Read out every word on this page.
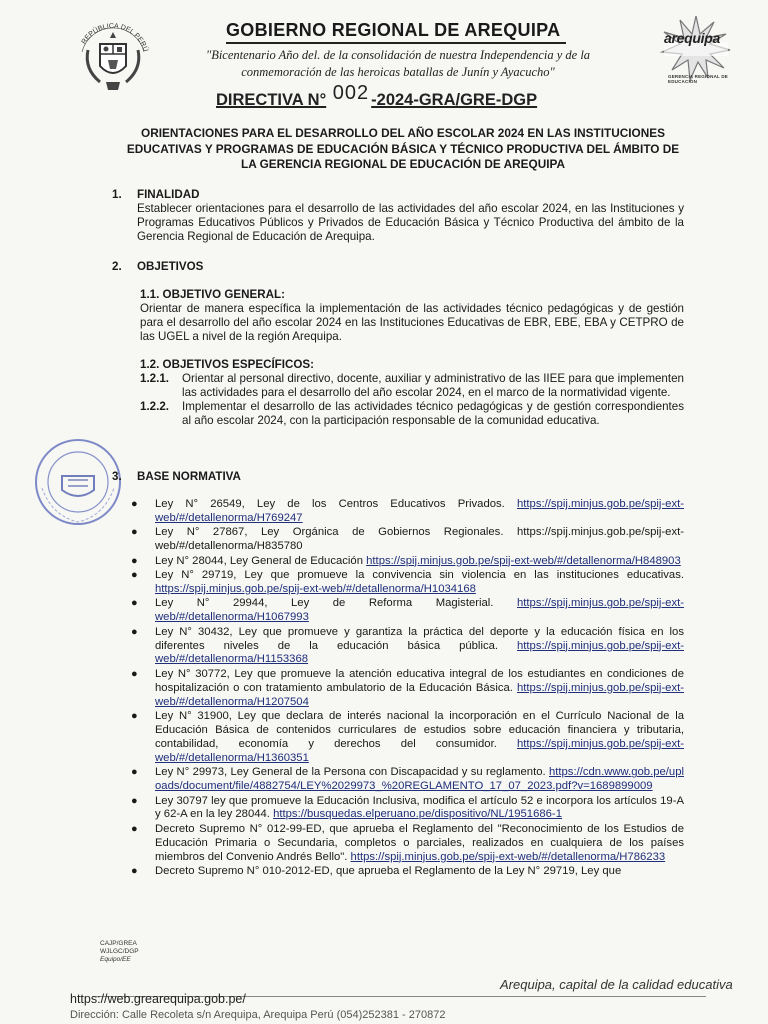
REPÚBLICA DEL PERÚ
arequipa
GERENCIA REGIONAL DE EDUCACIÓN
GOBIERNO REGIONAL DE AREQUIPA
"Bicentenario Año del. de la consolidación de nuestra Independencia y de la
conmemoración de las heroicas batallas de Junín y Ayacucho"
DIRECTIVA N° 002 -2024-GRA/GRE-DGP
ORIENTACIONES PARA EL DESARROLLO DEL AÑO ESCOLAR 2024 EN LAS INSTITUCIONES EDUCATIVAS Y PROGRAMAS DE EDUCACIÓN BÁSICA Y TÉCNICO PRODUCTIVA DEL ÁMBITO DE LA GERENCIA REGIONAL DE EDUCACIÓN DE AREQUIPA
1. FINALIDAD
Establecer orientaciones para el desarrollo de las actividades del año escolar 2024, en las Instituciones y Programas Educativos Públicos y Privados de Educación Básica y Técnico Productiva del ámbito de la Gerencia Regional de Educación de Arequipa.
2. OBJETIVOS
1.1. OBJETIVO GENERAL:
Orientar de manera específica la implementación de las actividades técnico pedagógicas y de gestión para el desarrollo del año escolar 2024 en las Instituciones Educativas de EBR, EBE, EBA y CETPRO de las UGEL a nivel de la región Arequipa.
1.2. OBJETIVOS ESPECÍFICOS:
1.2.1.	Orientar al personal directivo, docente, auxiliar y administrativo de las IIEE para que implementen las actividades para el desarrollo del año escolar 2024, en el marco de la normatividad vigente.
1.2.2.	Implementar el desarrollo de las actividades técnico pedagógicas y de gestión correspondientes al año escolar 2024, con la participación responsable de la comunidad educativa.
3. BASE NORMATIVA
● Ley N° 26549, Ley de los Centros Educativos Privados. https://spij.minjus.gob.pe/spij-ext-web/#/detallenorma/H769247
● Ley N° 27867, Ley Orgánica de Gobiernos Regionales. https://spij.minjus.gob.pe/spij-ext-web/#/detallenorma/H835780
● Ley N° 28044, Ley General de Educación https://spij.minjus.gob.pe/spij-ext-web/#/detallenorma/H848903
● Ley N° 29719, Ley que promueve la convivencia sin violencia en las instituciones educativas. https://spij.minjus.gob.pe/spij-ext-web/#/detallenorma/H1034168
● Ley N° 29944, Ley de Reforma Magisterial. https://spij.minjus.gob.pe/spij-ext-web/#/detallenorma/H1067993
● Ley N° 30432, Ley que promueve y garantiza la práctica del deporte y la educación física en los diferentes niveles de la educación básica pública. https://spij.minjus.gob.pe/spij-ext-web/#/detallenorma/H1153368
● Ley N° 30772, Ley que promueve la atención educativa integral de los estudiantes en condiciones de hospitalización o con tratamiento ambulatorio de la Educación Básica. https://spij.minjus.gob.pe/spij-ext-web/#/detallenorma/H1207504
● Ley N° 31900, Ley que declara de interés nacional la incorporación en el Currículo Nacional de la Educación Básica de contenidos curriculares de estudios sobre educación financiera y tributaria, contabilidad, economía y derechos del consumidor. https://spij.minjus.gob.pe/spij-ext-web/#/detallenorma/H1360351
● Ley N° 29973, Ley General de la Persona con Discapacidad y su reglamento. https://cdn.www.gob.pe/uploads/document/file/4882754/LEY%2029973_%20REGLAMENTO_17_07_2023.pdf?v=1689899009
● Ley 30797 ley que promueve la Educación Inclusiva, modifica el artículo 52 e incorpora los artículos 19-A y 62-A en la ley 28044. https://busquedas.elperuano.pe/dispositivo/NL/1951686-1
● Decreto Supremo N° 012-99-ED, que aprueba el Reglamento del "Reconocimiento de los Estudios de Educación Primaria o Secundaria, completos o parciales, realizados en cualquiera de los países miembros del Convenio Andrés Bello". https://spij.minjus.gob.pe/spij-ext-web/#/detallenorma/H786233
● Decreto Supremo N° 010-2012-ED, que aprueba el Reglamento de la Ley N° 29719, Ley que
CAJP/GREA
WJLGC/DGP
Equipo/EE
Arequipa, capital de la calidad educativa
https://web.grearequipa.gob.pe/
Dirección: Calle Recoleta s/n Arequipa, Arequipa Perú (054)252381 - 270872
